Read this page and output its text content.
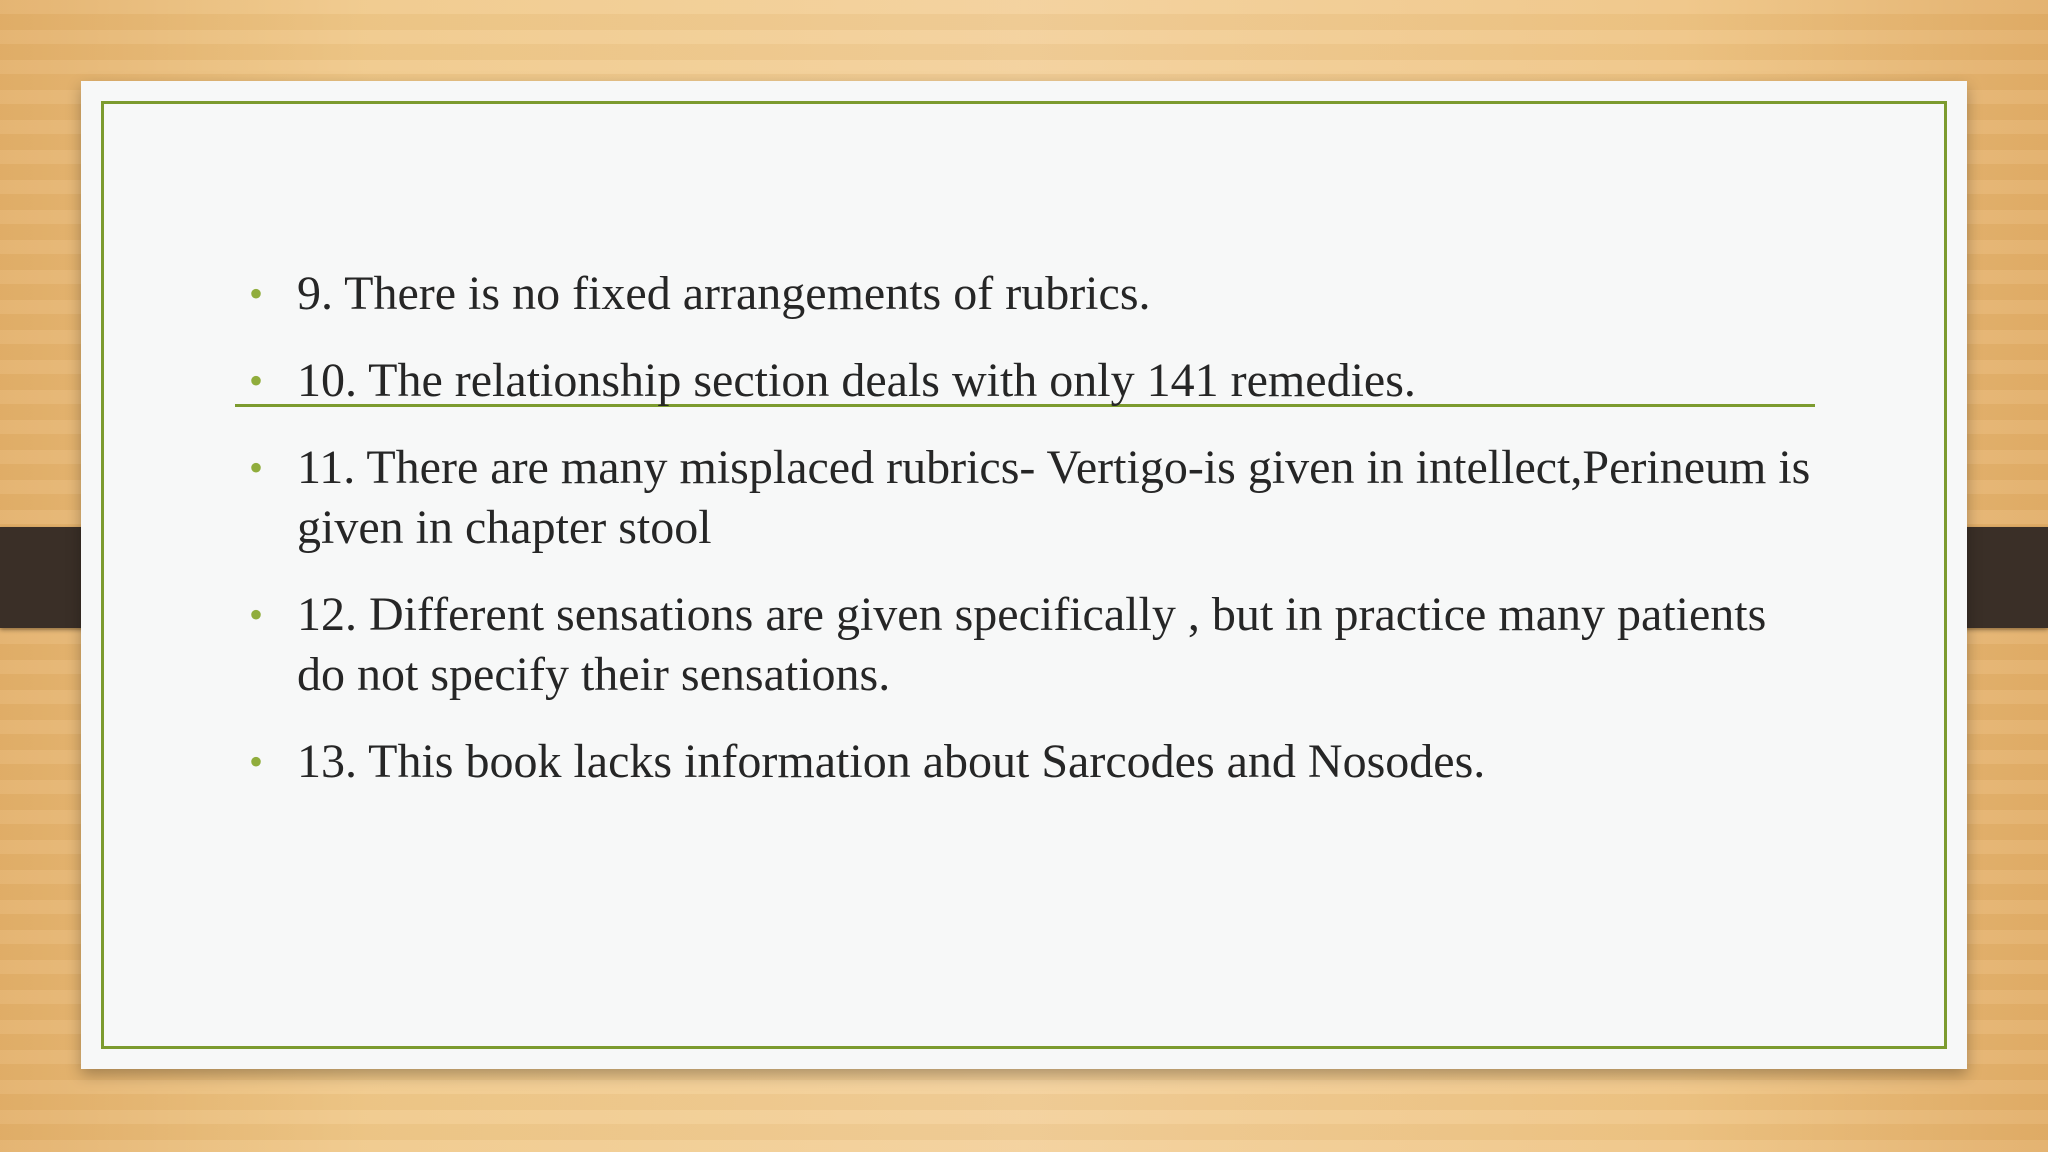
• 9. There is no fixed arrangements of rubrics.
• 10. The relationship section deals with only 141 remedies.
• 11. There are many misplaced rubrics- Vertigo-is given in intellect,Perineum is given in chapter stool
• 12. Different sensations are given specifically , but in practice many patients do not specify their sensations.
• 13. This book lacks information about Sarcodes and Nosodes.
